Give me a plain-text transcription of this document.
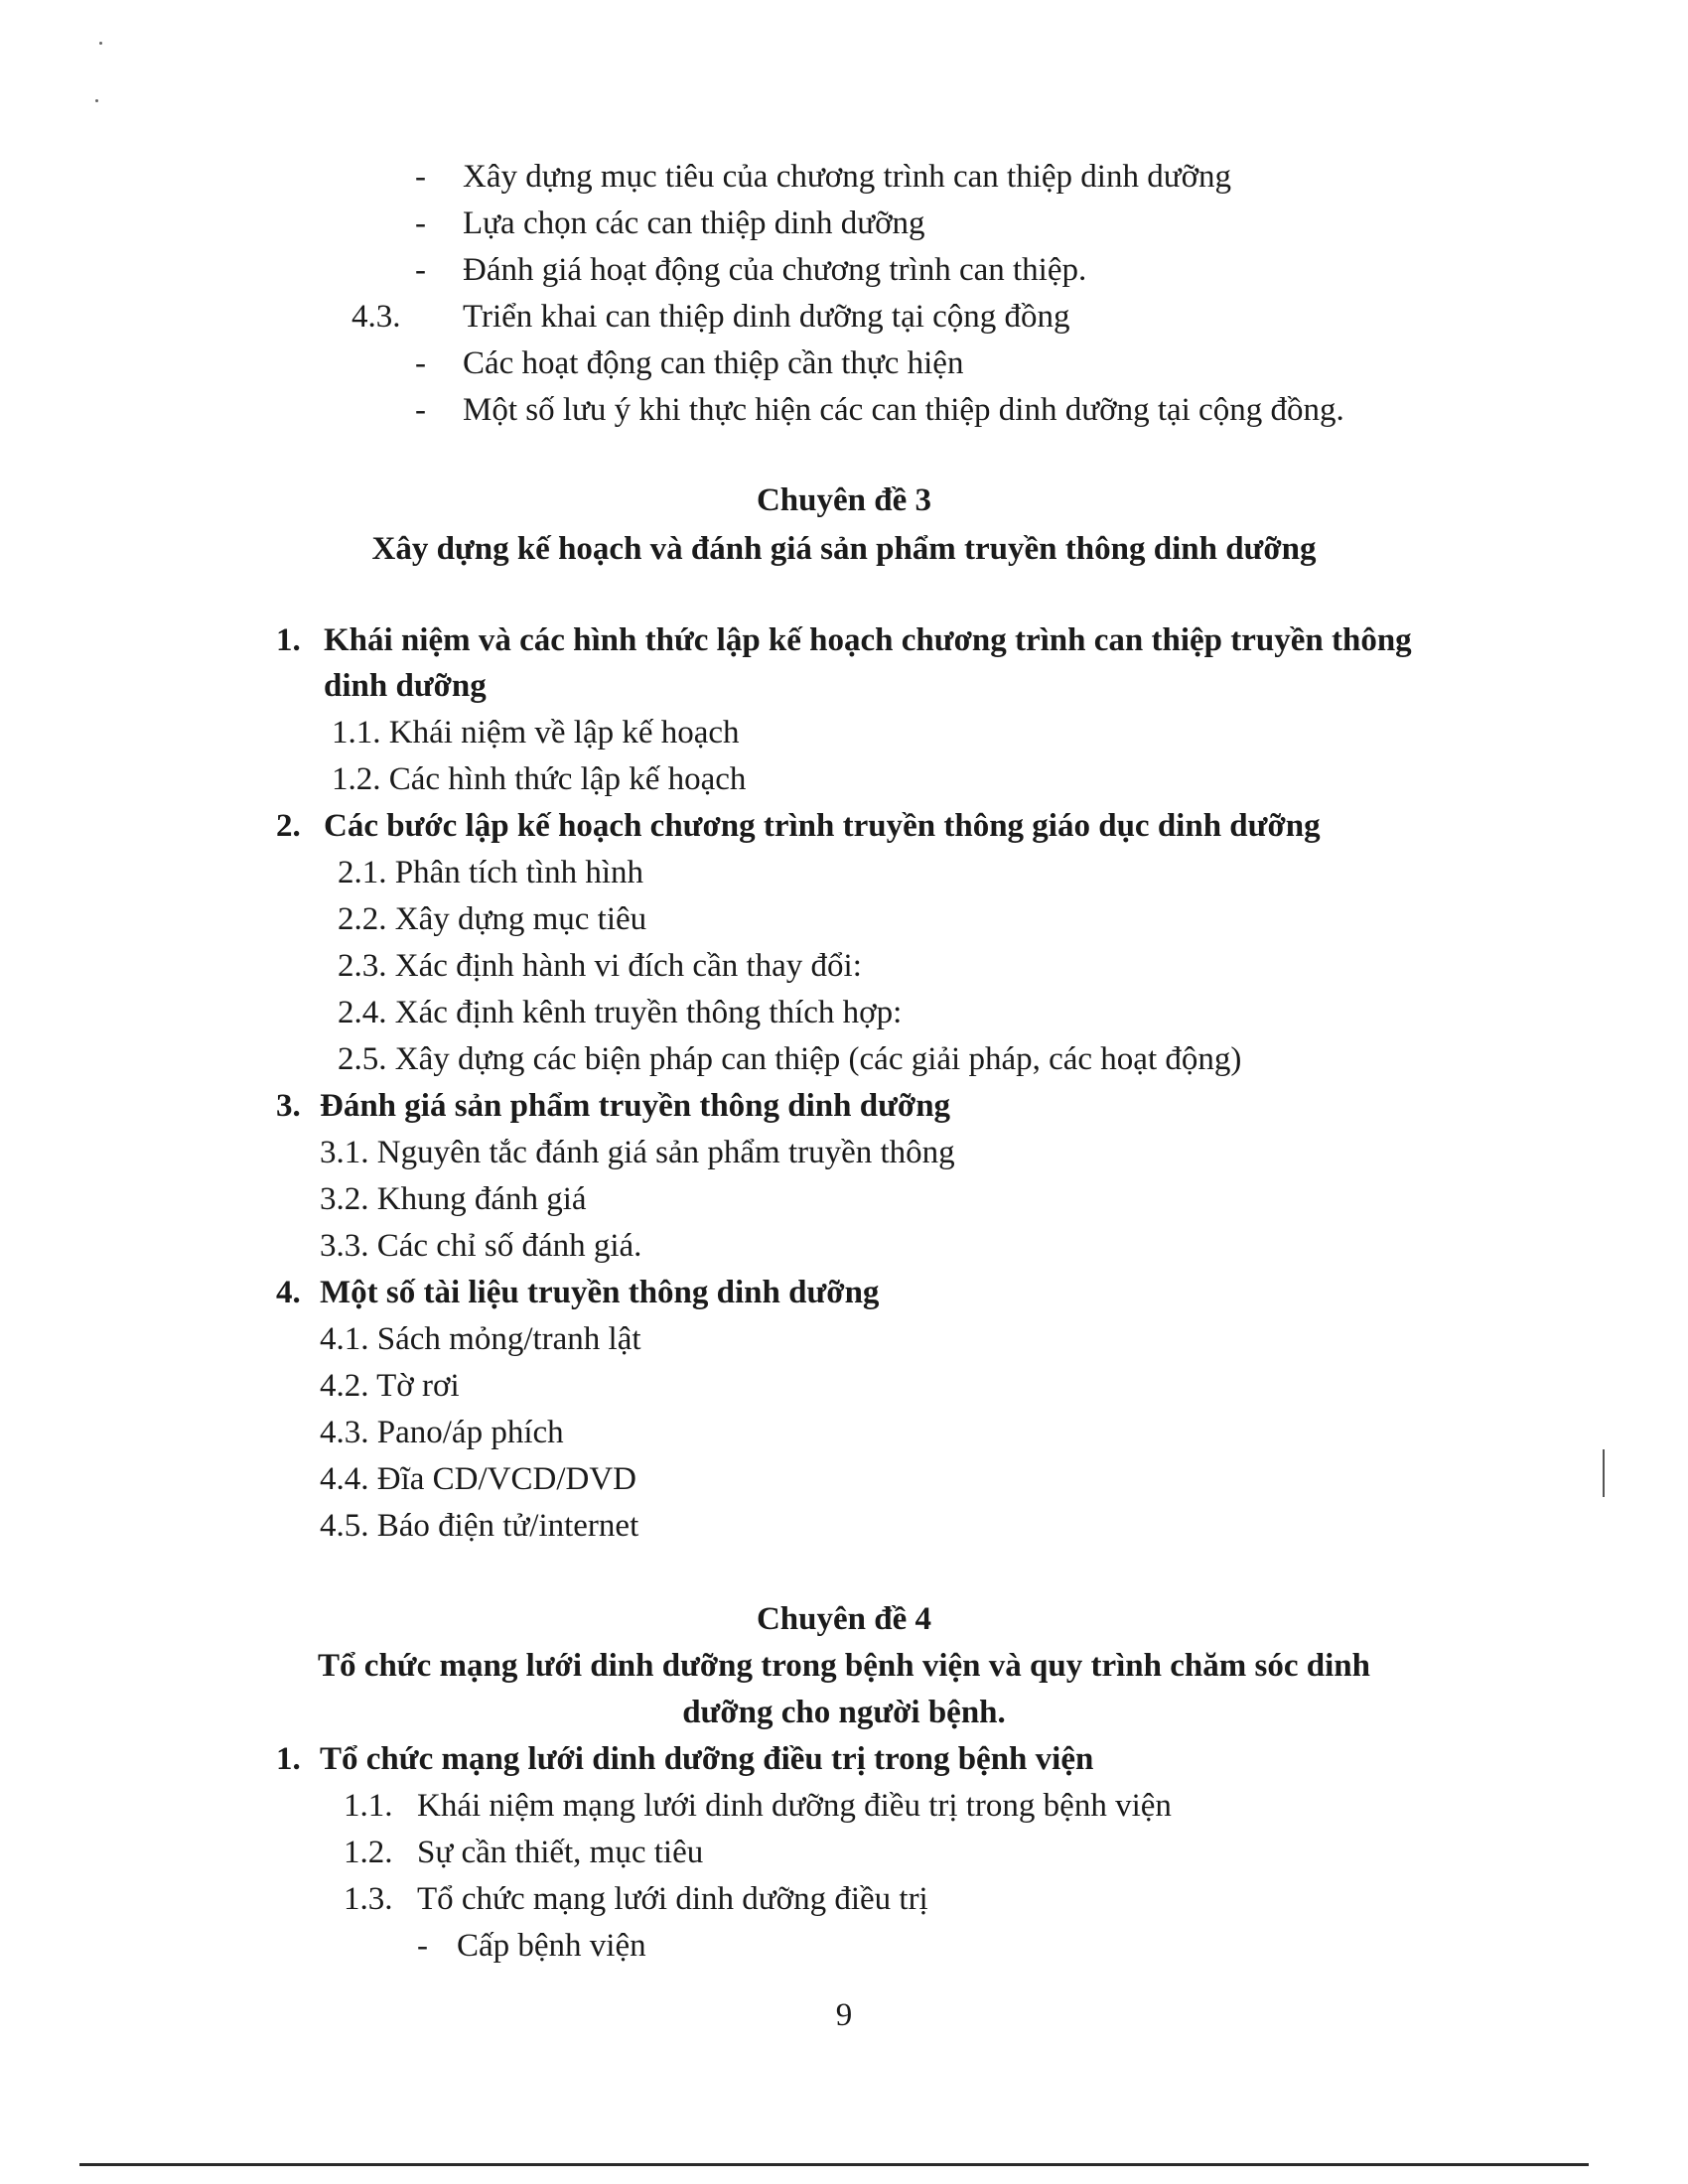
- Xây dựng mục tiêu của chương trình can thiệp dinh dưỡng
- Lựa chọn các can thiệp dinh dưỡng
- Đánh giá hoạt động của chương trình can thiệp.
4.3. Triển khai can thiệp dinh dưỡng tại cộng đồng
- Các hoạt động can thiệp cần thực hiện
- Một số lưu ý khi thực hiện các can thiệp dinh dưỡng tại cộng đồng.
Chuyên đề 3
Xây dựng kế hoạch và đánh giá sản phẩm truyền thông dinh dưỡng
1. Khái niệm và các hình thức lập kế hoạch chương trình can thiệp truyền thông
dinh dưỡng
1.1. Khái niệm về lập kế hoạch
1.2. Các hình thức lập kế hoạch
2. Các bước lập kế hoạch chương trình truyền thông giáo dục dinh dưỡng
2.1. Phân tích tình hình
2.2. Xây dựng mục tiêu
2.3. Xác định hành vi đích cần thay đổi:
2.4. Xác định kênh truyền thông thích hợp:
2.5. Xây dựng các biện pháp can thiệp (các giải pháp, các hoạt động)
3. Đánh giá sản phẩm truyền thông dinh dưỡng
3.1. Nguyên tắc đánh giá sản phẩm truyền thông
3.2. Khung đánh giá
3.3. Các chỉ số đánh giá.
4. Một số tài liệu truyền thông dinh dưỡng
4.1. Sách mỏng/tranh lật
4.2. Tờ rơi
4.3. Pano/áp phích
4.4. Đĩa CD/VCD/DVD
4.5. Báo điện tử/internet
Chuyên đề 4
Tổ chức mạng lưới dinh dưỡng trong bệnh viện và quy trình chăm sóc dinh
dưỡng cho người bệnh.
1. Tổ chức mạng lưới dinh dưỡng điều trị trong bệnh viện
1.1. Khái niệm mạng lưới dinh dưỡng điều trị trong bệnh viện
1.2. Sự cần thiết, mục tiêu
1.3. Tổ chức mạng lưới dinh dưỡng điều trị
- Cấp bệnh viện
9
